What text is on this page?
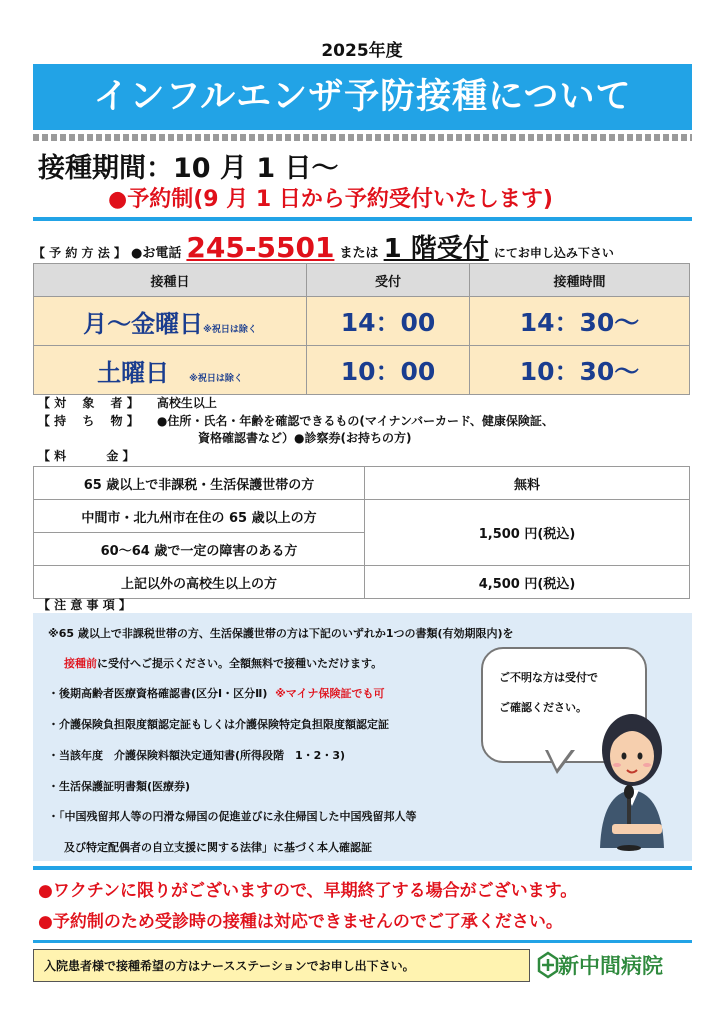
2025年度
インフルエンザ予防接種について
接種期間：10 月 1 日～
●予約制(9 月 1 日から予約受付いたします)
【 予 約 方 法 】 ●お電話 245-5501 または 1 階受付 にてお申し込み下さい
接種日	受付	接種時間
月～金曜日※祝日は除く	14：00	14：30～
土曜日 ※祝日は除く	10：00	10：30～
【 対　 象　 者 】 高校生以上
【 持　 ち　 物 】 ●住所・氏名・年齢を確認できるもの(マイナンバーカード、健康保険証、
資格確認書など）●診察券(お持ちの方)
【 料　　　 金 】
65 歳以上で非課税・生活保護世帯の方	無料
中間市・北九州市在住の 65 歳以上の方	1,500 円(税込)
60～64 歳で一定の障害のある方	
上記以外の高校生以上の方	4,500 円(税込)
【 注 意 事 項 】
※65 歳以上で非課税世帯の方、生活保護世帯の方は下記のいずれか1つの書類(有効期限内)を
接種前に受付へご提示ください。全額無料で接種いただけます。
・後期高齢者医療資格確認書(区分Ⅰ・区分Ⅱ) ※マイナ保険証でも可
・介護保険負担限度額認定証もしくは介護保険特定負担限度額認定証
・当該年度　介護保険料額決定通知書(所得段階　1・2・3)
・生活保護証明書類(医療券)
・「中国残留邦人等の円滑な帰国の促進並びに永住帰国した中国残留邦人等
及び特定配偶者の自立支援に関する法律」に基づく本人確認証
ご不明な方は受付で
ご確認ください。
●ワクチンに限りがございますので、早期終了する場合がございます。
●予約制のため受診時の接種は対応できませんのでご了承ください。
入院患者様で接種希望の方はナースステーションでお申し出下さい。	新中間病院
